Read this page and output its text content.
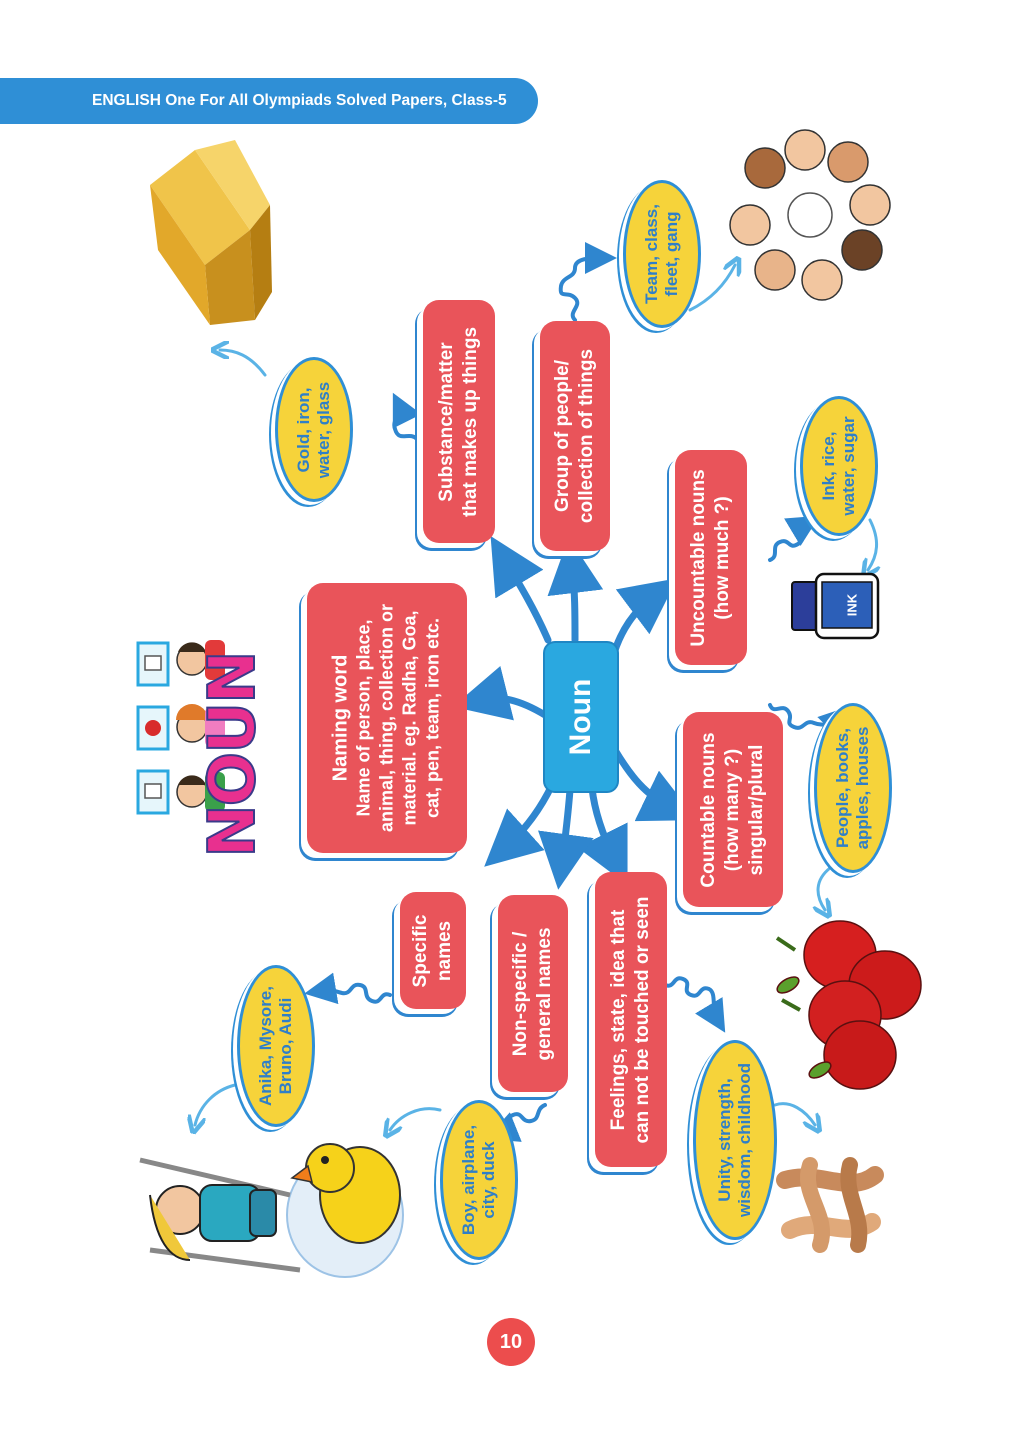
ENGLISH One For All Olympiads Solved Papers, Class-5
INK
NOUN	Noun
Naming word Name of person, place, animal, thing, collection or material. eg. Radha, Goa, cat, pen, team, iron etc.
Substance/matter that makes up things	Group of people/ collection of things
Uncountable nouns (how much ?)
Countable nouns (how many ?) singular/plural
Feelings, state, idea that can not be touched or seen
Non-specific / general names
Specific names
Gold, iron, water, glass
Team, class, fleet, gang
Ink, rice, water, sugar
People, books, apples, houses
Unity, strength, wisdom, childhood
Boy, airplane, city, duck
Anika, Mysore, Bruno, Audi
10
